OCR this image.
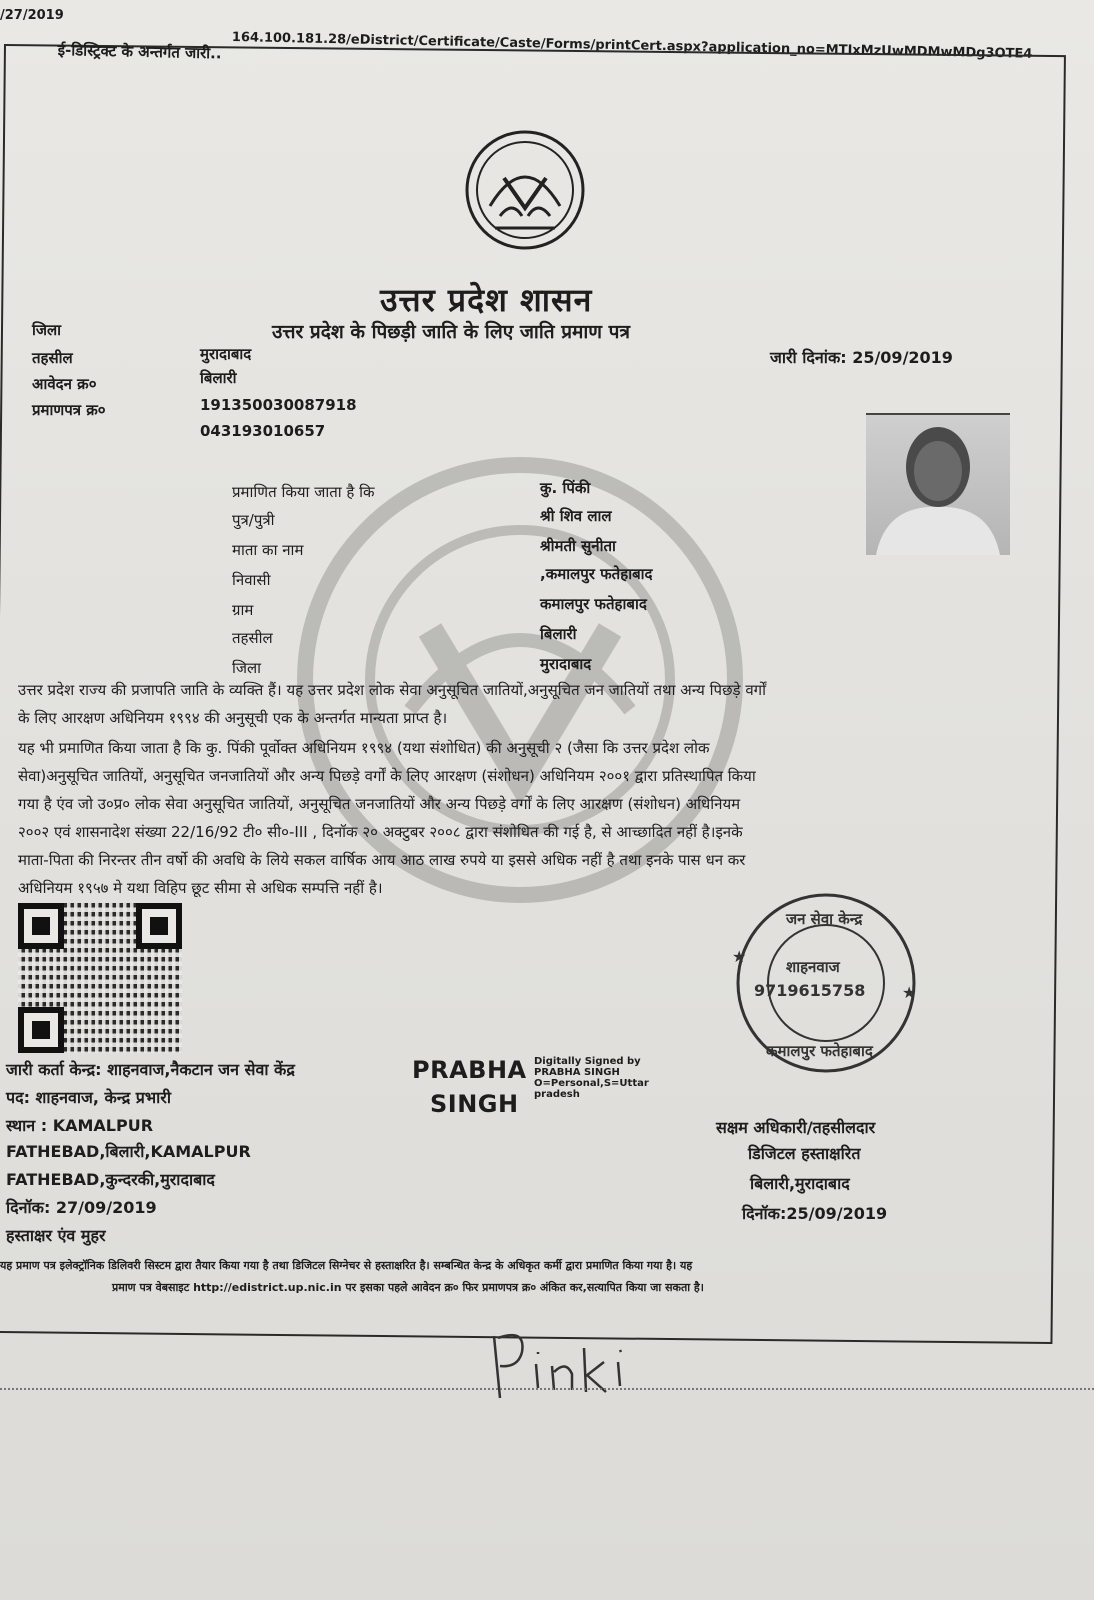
/27/2019
164.100.181.28/eDistrict/Certificate/Caste/Forms/printCert.aspx?application_no=MTIxMzUwMDMwMDg3OTE4
ई-डिस्ट्रिक्ट के अन्तर्गत जारी..
उत्तर प्रदेश शासन
उत्तर प्रदेश के पिछड़ी जाति के लिए जाति प्रमाण पत्र
जिला
तहसील
आवेदन क्र०
प्रमाणपत्र क्र०
मुरादाबाद
बिलारी
19135003008791​8
043193010657
जारी दिनांक: 25/09/2019
प्रमाणित किया जाता है कि
पुत्र/पुत्री
माता का नाम
निवासी
ग्राम
तहसील
जिला
कु. पिंकी
श्री शिव लाल
श्रीमती सुनीता
,कमालपुर फतेहाबाद
कमालपुर फतेहाबाद
बिलारी
मुरादाबाद
उत्तर प्रदेश राज्य की प्रजापति जाति के व्यक्ति हैं। यह उत्तर प्रदेश लोक सेवा अनुसूचित जातियों,अनुसूचित जन जातियों तथा अन्य पिछड़े वर्गों
के लिए आरक्षण अधिनियम १९९४ की अनुसूची एक के अन्तर्गत मान्यता प्राप्त है।
यह भी प्रमाणित किया जाता है कि कु. पिंकी पूर्वोक्त अधिनियम १९९४ (यथा संशोधित) की अनुसूची २ (जैसा कि उत्तर प्रदेश लोक
सेवा)अनुसूचित जातियों, अनुसूचित जनजातियों और अन्य पिछड़े वर्गों के लिए आरक्षण (संशोधन) अधिनियम २००१ द्वारा प्रतिस्थापित किया
गया है एंव जो उ०प्र० लोक सेवा अनुसूचित जातियों, अनुसूचित जनजातियों और अन्य पिछड़े वर्गों के लिए आरक्षण (संशोधन) अधिनियम
२००२ एवं शासनादेश संख्या 22/16/92 टी० सी०-III , दिनॉक २० अक्टुबर २००८ द्वारा संशोधित की गई है, से आच्छादित नहीं है।इनके
माता-पिता की निरन्तर तीन वर्षो की अवधि के लिये सकल वार्षिक आय आठ लाख रुपये या इससे अधिक नहीं है तथा इनके पास धन कर
अधिनियम १९५७ मे यथा विहिप छूट सीमा से अधिक सम्पत्ति नहीं है।
जन सेवा केन्द्र
शाहनवाज
9719615758
कमालपुर फतेहाबाद
★
★
जारी कर्ता केन्द्र: शाहनवाज,नैकटान जन सेवा केंद्र
पद: शाहनवाज, केन्द्र प्रभारी
स्थान : KAMALPUR
FATHEBAD,बिलारी,KAMALPUR
FATHEBAD,कुन्दरकी,मुरादाबाद
दिनॉक: 27/09/2019
हस्ताक्षर एंव मुहर
PRABHA
SINGH
Digitally Signed by
PRABHA SINGH
O=Personal,S=Uttar
pradesh
सक्षम अधिकारी/तहसीलदार
डिजिटल हस्ताक्षरित
बिलारी,मुरादाबाद
दिनॉक:25/09/2019
यह प्रमाण पत्र इलेक्ट्रॉनिक डिलिवरी सिस्टम द्वारा तैयार किया गया है तथा डिजिटल सिग्नेचर से हस्ताक्षरित है। सम्बन्धित केन्द्र के अधिकृत कर्मी द्वारा प्रमाणित किया गया है। यह
प्रमाण पत्र वेबसाइट http://edistrict.up.nic.in पर इसका पहले आवेदन क्र० फिर प्रमाणपत्र क्र० अंकित कर,सत्यापित किया जा सकता है।
